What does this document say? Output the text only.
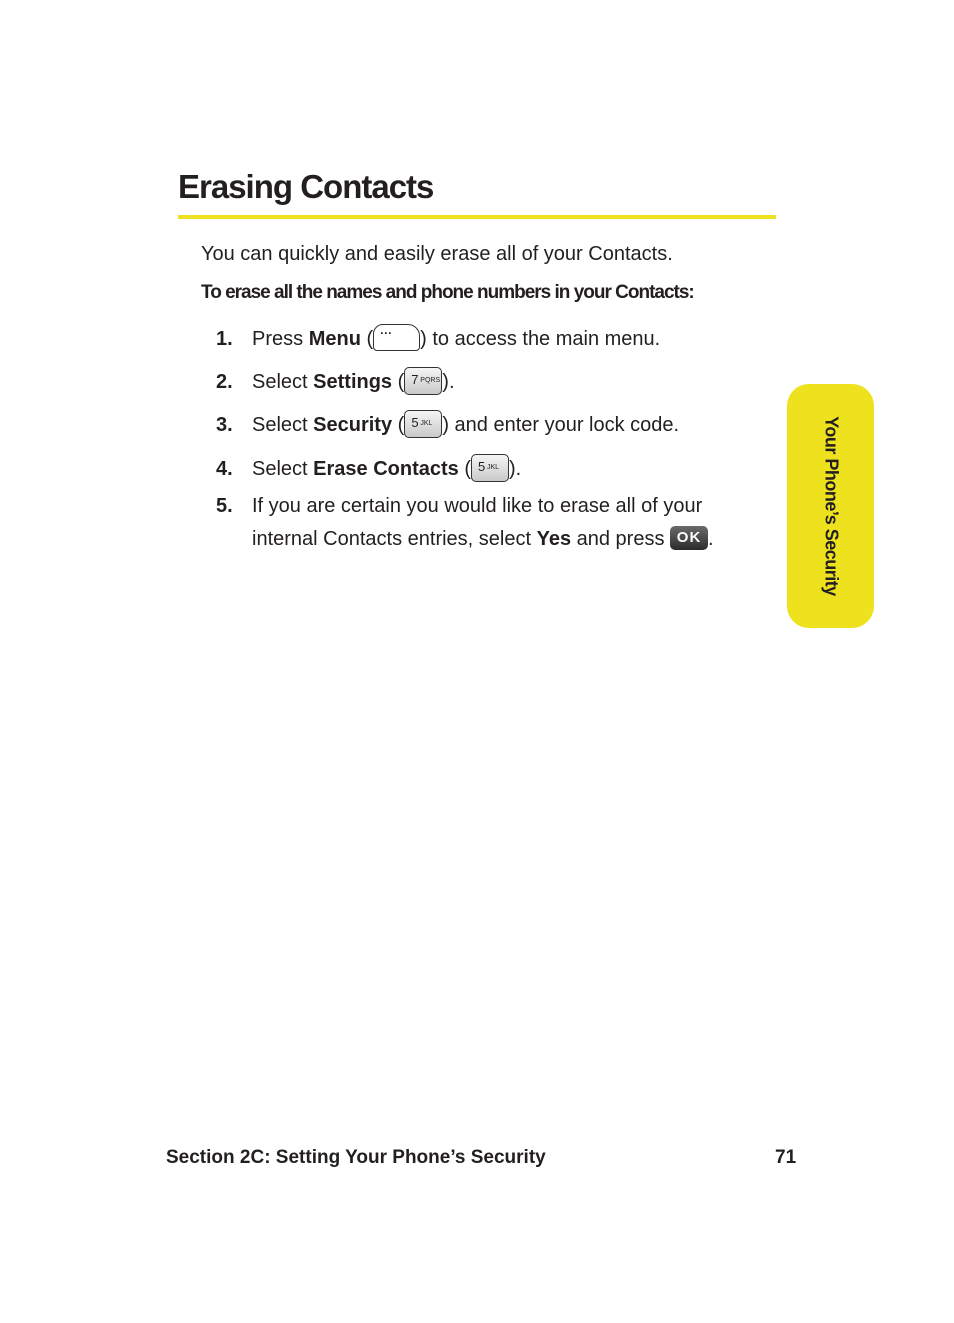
Erasing Contacts

You can quickly and easily erase all of your Contacts.

To erase all the names and phone numbers in your Contacts:

1. Press Menu ( ··· ) to access the main menu.
2. Select Settings ( 7 PQRS ).
3. Select Security ( 5 JKL ) and enter your lock code.
4. Select Erase Contacts ( 5 JKL ).
5. If you are certain you would like to erase all of your
internal Contacts entries, select Yes and press OK .	Your Phone’s Security
Section 2C: Setting Your Phone’s Security	71
